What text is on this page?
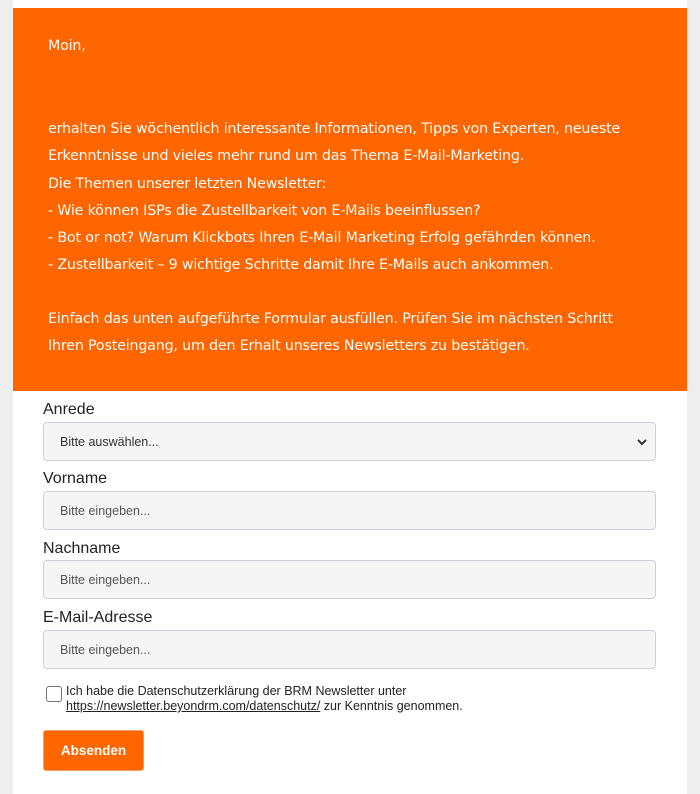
Moin,

erhalten Sie wöchentlich interessante Informationen, Tipps von Experten, neueste

Erkenntnisse und vieles mehr rund um das Thema E-Mail-Marketing.

Die Themen unserer letzten Newsletter:

- Wie können ISPs die Zustellbarkeit von E-Mails beeinflussen?

- Bot or not? Warum Klickbots Ihren E-Mail Marketing Erfolg gefährden können.

- Zustellbarkeit – 9 wichtige Schritte damit Ihre E-Mails auch ankommen.

Einfach das unten aufgeführte Formular ausfüllen. Prüfen Sie im nächsten Schritt

Ihren Posteingang, um den Erhalt unseres Newsletters zu bestätigen.

Anrede
Bitte auswählen...
Vorname
Bitte eingeben...
Nachname
Bitte eingeben...
E-Mail-Adresse
Bitte eingeben...
Ich habe die Datenschutzerklärung der BRM Newsletter unter
https://newsletter.beyondrm.com/datenschutz/ zur Kenntnis genommen.
Absenden
